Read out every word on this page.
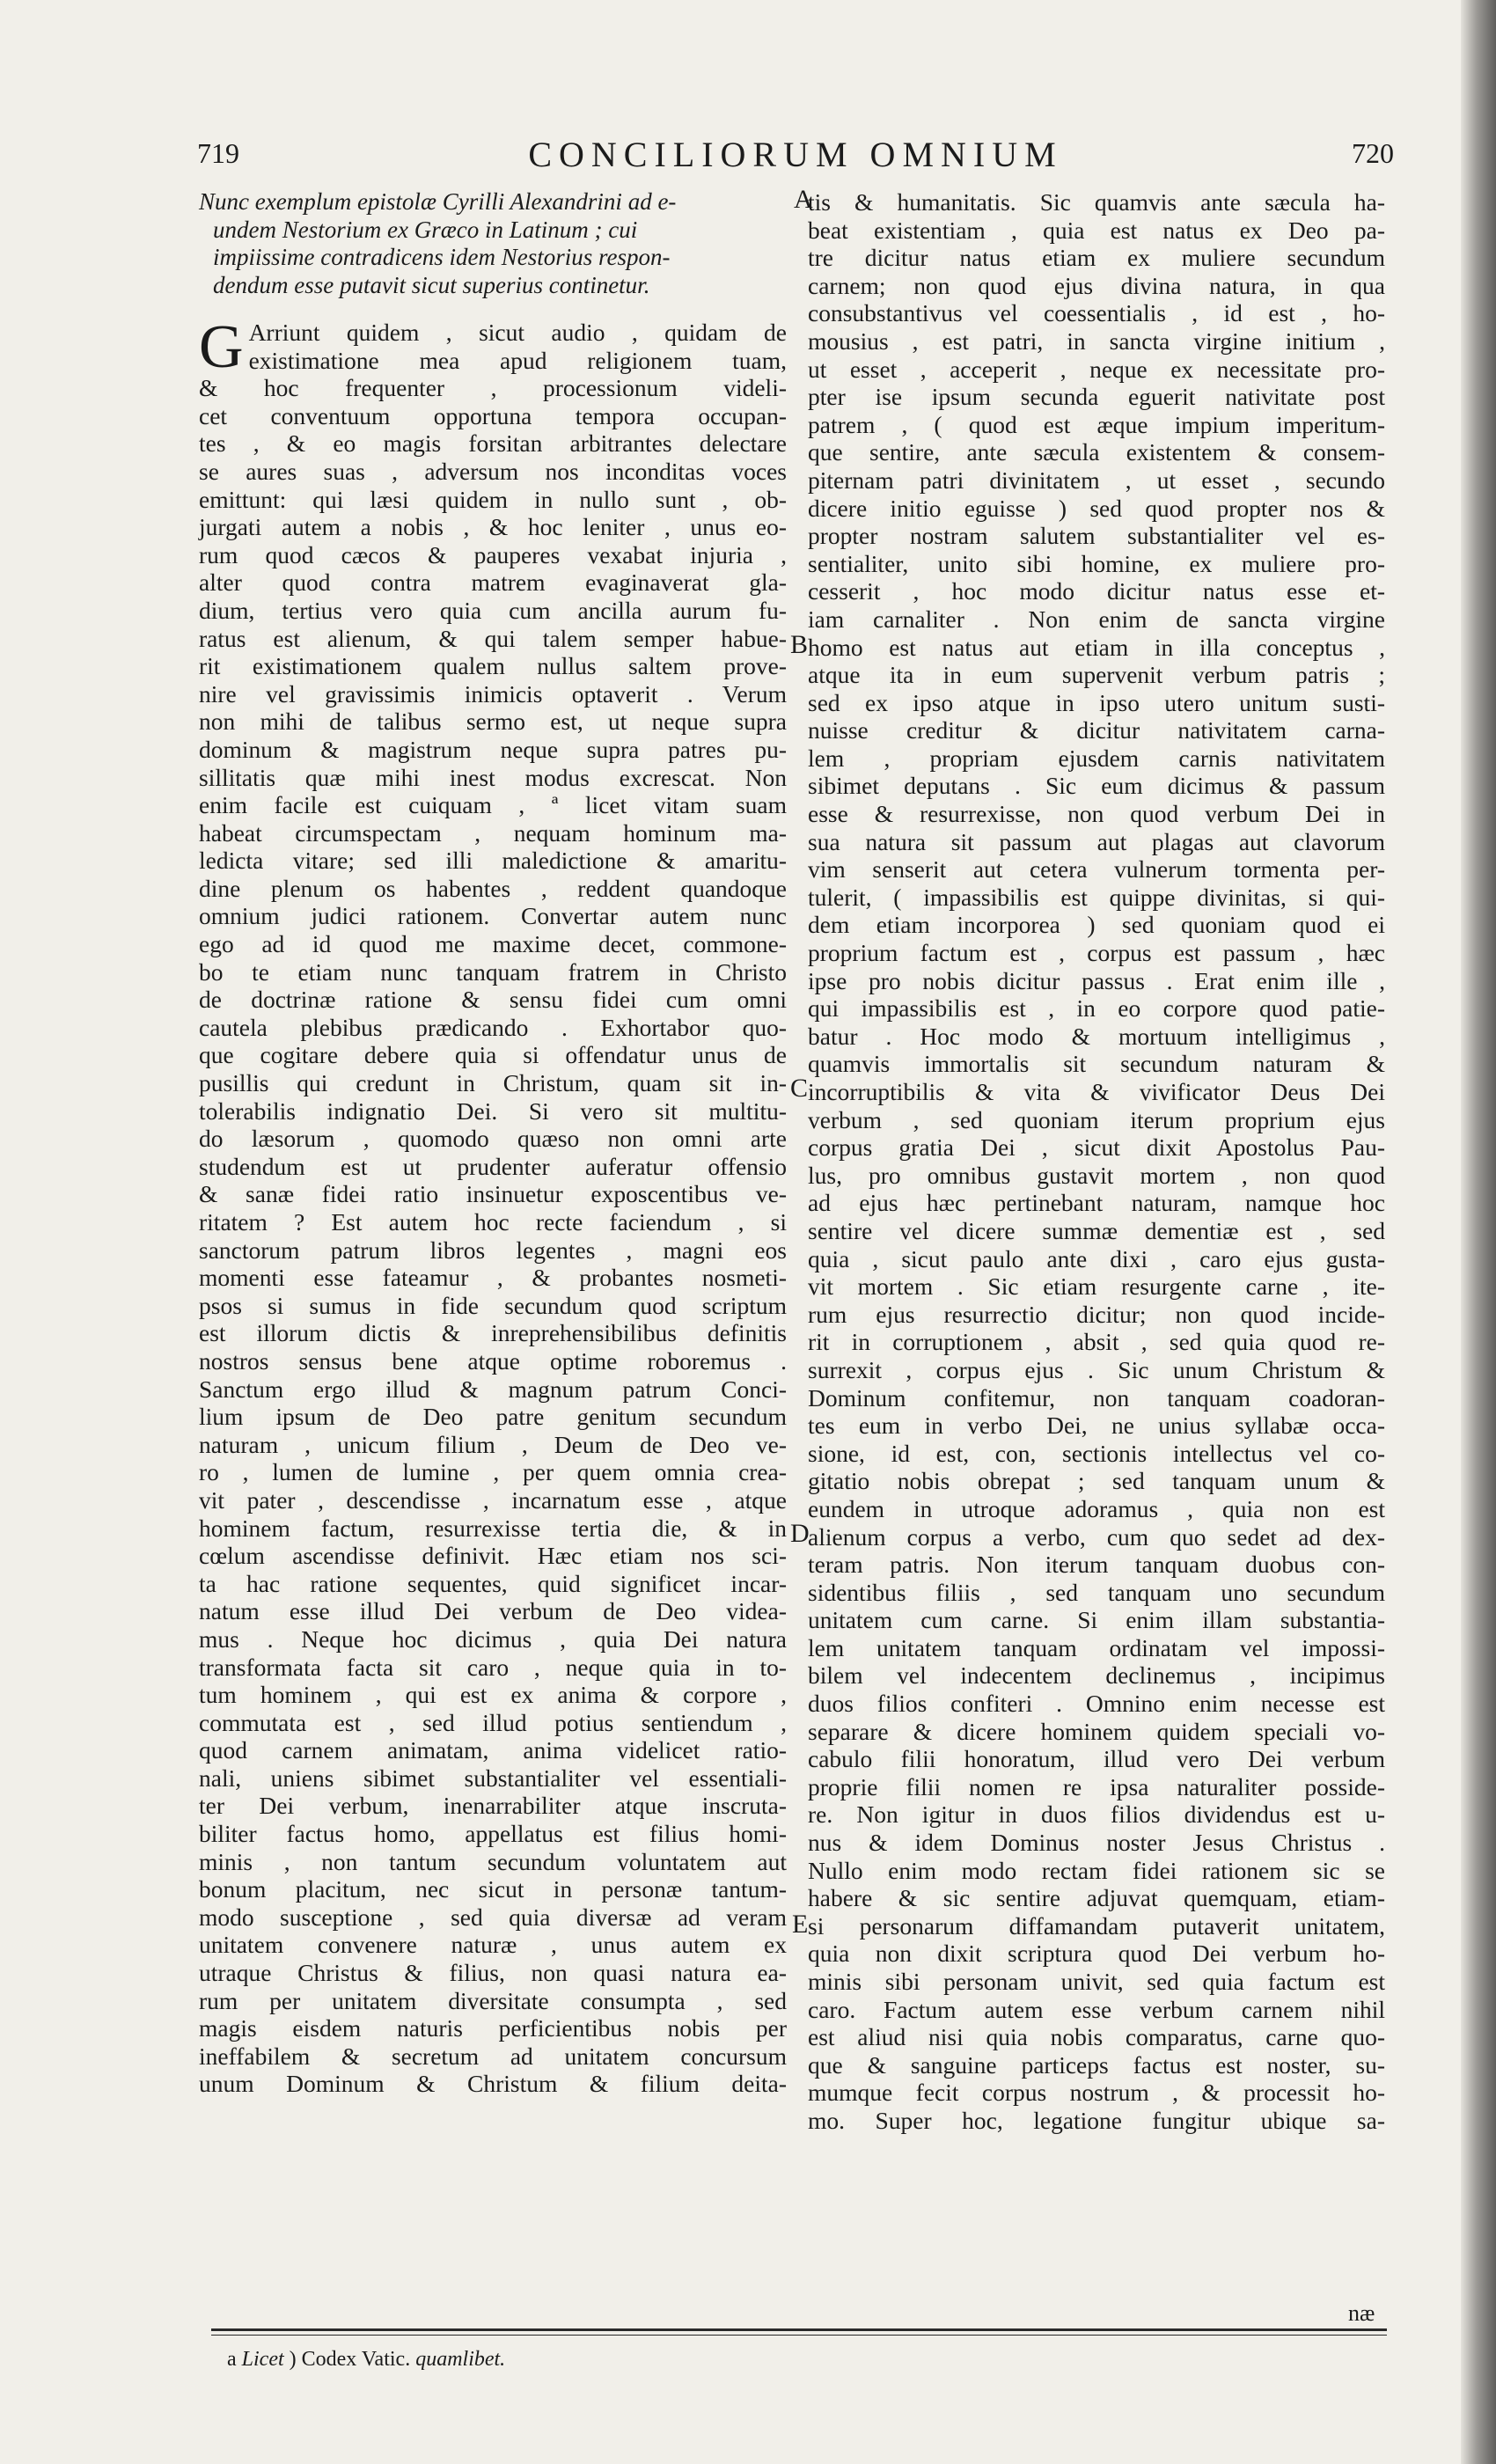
719	CONCILIORUM OMNIUM	720
Nunc exemplum epistolæ Cyrilli Alexandrini ad e-
undem Nestorium ex Græco in Latinum ; cui
impiissime contradicens idem Nestorius respon-
dendum esse putavit sicut superius continetur.
G Arriunt quidem , sicut audio , quidam de
existimatione mea apud religionem tuam,
& hoc frequenter , processionum videli-
cet conventuum opportuna tempora occupan-
tes , & eo magis forsitan arbitrantes delectare
se aures suas , adversum nos inconditas voces
emittunt: qui læsi quidem in nullo sunt , ob-
jurgati autem a nobis , & hoc leniter , unus eo-
rum quod cæcos & pauperes vexabat injuria ,
alter quod contra matrem evaginaverat gla-
dium, tertius vero quia cum ancilla aurum fu-
ratus est alienum, & qui talem semper habue-
rit existimationem qualem nullus saltem prove-
nire vel gravissimis inimicis optaverit . Verum
non mihi de talibus sermo est, ut neque supra
dominum & magistrum neque supra patres pu-
sillitatis quæ mihi inest modus excrescat. Non
enim facile est cuiquam , ª licet vitam suam
habeat circumspectam , nequam hominum ma-
ledicta vitare; sed illi maledictione & amaritu-
dine plenum os habentes , reddent quandoque
omnium judici rationem. Convertar autem nunc
ego ad id quod me maxime decet, commone-
bo te etiam nunc tanquam fratrem in Christo
de doctrinæ ratione & sensu fidei cum omni
cautela plebibus prædicando . Exhortabor quo-
que cogitare debere quia si offendatur unus de
pusillis qui credunt in Christum, quam sit in-
tolerabilis indignatio Dei. Si vero sit multitu-
do læsorum , quomodo quæso non omni arte
studendum est ut prudenter auferatur offensio
& sanæ fidei ratio insinuetur exposcentibus ve-
ritatem ? Est autem hoc recte faciendum , si
sanctorum patrum libros legentes , magni eos
momenti esse fateamur , & probantes nosmeti-
psos si sumus in fide secundum quod scriptum
est illorum dictis & inreprehensibilibus definitis
nostros sensus bene atque optime roboremus .
Sanctum ergo illud & magnum patrum Conci-
lium ipsum de Deo patre genitum secundum
naturam , unicum filium , Deum de Deo ve-
ro , lumen de lumine , per quem omnia crea-
vit pater , descendisse , incarnatum esse , atque
hominem factum, resurrexisse tertia die, & in
cœlum ascendisse definivit. Hæc etiam nos sci-
ta hac ratione sequentes, quid significet incar-
natum esse illud Dei verbum de Deo videa-
mus . Neque hoc dicimus , quia Dei natura
transformata facta sit caro , neque quia in to-
tum hominem , qui est ex anima & corpore ,
commutata est , sed illud potius sentiendum ,
quod carnem animatam, anima videlicet ratio-
nali, uniens sibimet substantialiter vel essentiali-
ter Dei verbum, inenarrabiliter atque inscruta-
biliter factus homo, appellatus est filius homi-
minis , non tantum secundum voluntatem aut
bonum placitum, nec sicut in personæ tantum-
modo susceptione , sed quia diversæ ad veram
unitatem convenere naturæ , unus autem ex
utraque Christus & filius, non quasi natura ea-
rum per unitatem diversitate consumpta , sed
magis eisdem naturis perficientibus nobis per
ineffabilem & secretum ad unitatem concursum
unum Dominum & Christum & filium deita-
tis & humanitatis. Sic quamvis ante sæcula ha-
beat existentiam , quia est natus ex Deo pa-
tre dicitur natus etiam ex muliere secundum
carnem; non quod ejus divina natura, in qua
consubstantivus vel coessentialis , id est , ho-
mousius , est patri, in sancta virgine initium ,
ut esset , acceperit , neque ex necessitate pro-
pter ise ipsum secunda eguerit nativitate post
patrem , ( quod est æque impium imperitum-
que sentire, ante sæcula existentem & consem-
piternam patri divinitatem , ut esset , secundo
dicere initio eguisse ) sed quod propter nos &
propter nostram salutem substantialiter vel es-
sentialiter, unito sibi homine, ex muliere pro-
cesserit , hoc modo dicitur natus esse et-
iam carnaliter . Non enim de sancta virgine
homo est natus aut etiam in illa conceptus ,
atque ita in eum supervenit verbum patris ;
sed ex ipso atque in ipso utero unitum susti-
nuisse creditur & dicitur nativitatem carna-
lem , propriam ejusdem carnis nativitatem
sibimet deputans . Sic eum dicimus & passum
esse & resurrexisse, non quod verbum Dei in
sua natura sit passum aut plagas aut clavorum
vim senserit aut cetera vulnerum tormenta per-
tulerit, ( impassibilis est quippe divinitas, si qui-
dem etiam incorporea ) sed quoniam quod ei
proprium factum est , corpus est passum , hæc
ipse pro nobis dicitur passus . Erat enim ille ,
qui impassibilis est , in eo corpore quod patie-
batur . Hoc modo & mortuum intelligimus ,
quamvis immortalis sit secundum naturam &
incorruptibilis & vita & vivificator Deus Dei
verbum , sed quoniam iterum proprium ejus
corpus gratia Dei , sicut dixit Apostolus Pau-
lus, pro omnibus gustavit mortem , non quod
ad ejus hæc pertinebant naturam, namque hoc
sentire vel dicere summæ dementiæ est , sed
quia , sicut paulo ante dixi , caro ejus gusta-
vit mortem . Sic etiam resurgente carne , ite-
rum ejus resurrectio dicitur; non quod incide-
rit in corruptionem , absit , sed quia quod re-
surrexit , corpus ejus . Sic unum Christum &
Dominum confitemur, non tanquam coadoran-
tes eum in verbo Dei, ne unius syllabæ occa-
sione, id est, con, sectionis intellectus vel co-
gitatio nobis obrepat ; sed tanquam unum &
eundem in utroque adoramus , quia non est
alienum corpus a verbo, cum quo sedet ad dex-
teram patris. Non iterum tanquam duobus con-
sidentibus filiis , sed tanquam uno secundum
unitatem cum carne. Si enim illam substantia-
lem unitatem tanquam ordinatam vel impossi-
bilem vel indecentem declinemus , incipimus
duos filios confiteri . Omnino enim necesse est
separare & dicere hominem quidem speciali vo-
cabulo filii honoratum, illud vero Dei verbum
proprie filii nomen re ipsa naturaliter posside-
re. Non igitur in duos filios dividendus est u-
nus & idem Dominus noster Jesus Christus .
Nullo enim modo rectam fidei rationem sic se
habere & sic sentire adjuvat quemquam, etiam-
si personarum diffamandam putaverit unitatem,
quia non dixit scriptura quod Dei verbum ho-
minis sibi personam univit, sed quia factum est
caro. Factum autem esse verbum carnem nihil
est aliud nisi quia nobis comparatus, carne quo-
que & sanguine particeps factus est noster, su-
mumque fecit corpus nostrum , & processit ho-
mo. Super hoc, legatione fungitur ubique sa-
A
B
C
D
E
næ
a Licet ) Codex Vatic. quamlibet.
